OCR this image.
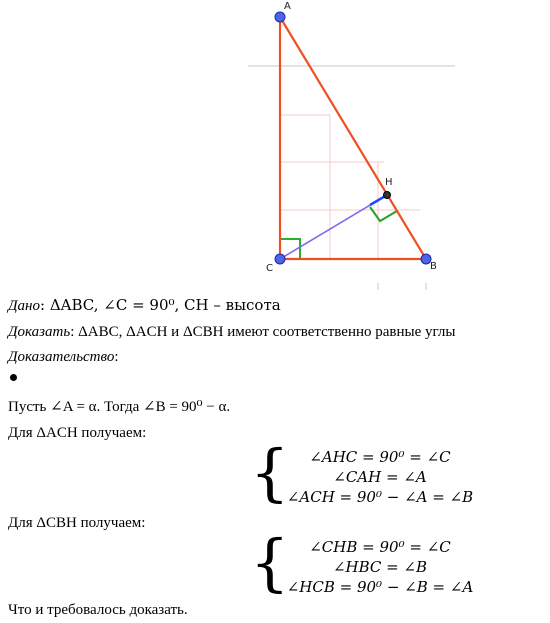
A
B
C
H
Дано: ΔABC, ∠C = 90⁰, CH – высота
Доказать: ΔABC, ΔACH и ΔCBH имеют соответственно равные углы
Доказательство:
Пусть ∠A = α. Тогда ∠B = 90⁰ − α.
Для ΔACH получаем:
{	∠AHC = 90⁰ = ∠C
∠CAH = ∠A
∠ACH = 90⁰ − ∠A = ∠B
Для ΔCBH получаем:
{	∠CHB = 90⁰ = ∠C
∠HBC = ∠B
∠HCB = 90⁰ − ∠B = ∠A
Что и требовалось доказать.
